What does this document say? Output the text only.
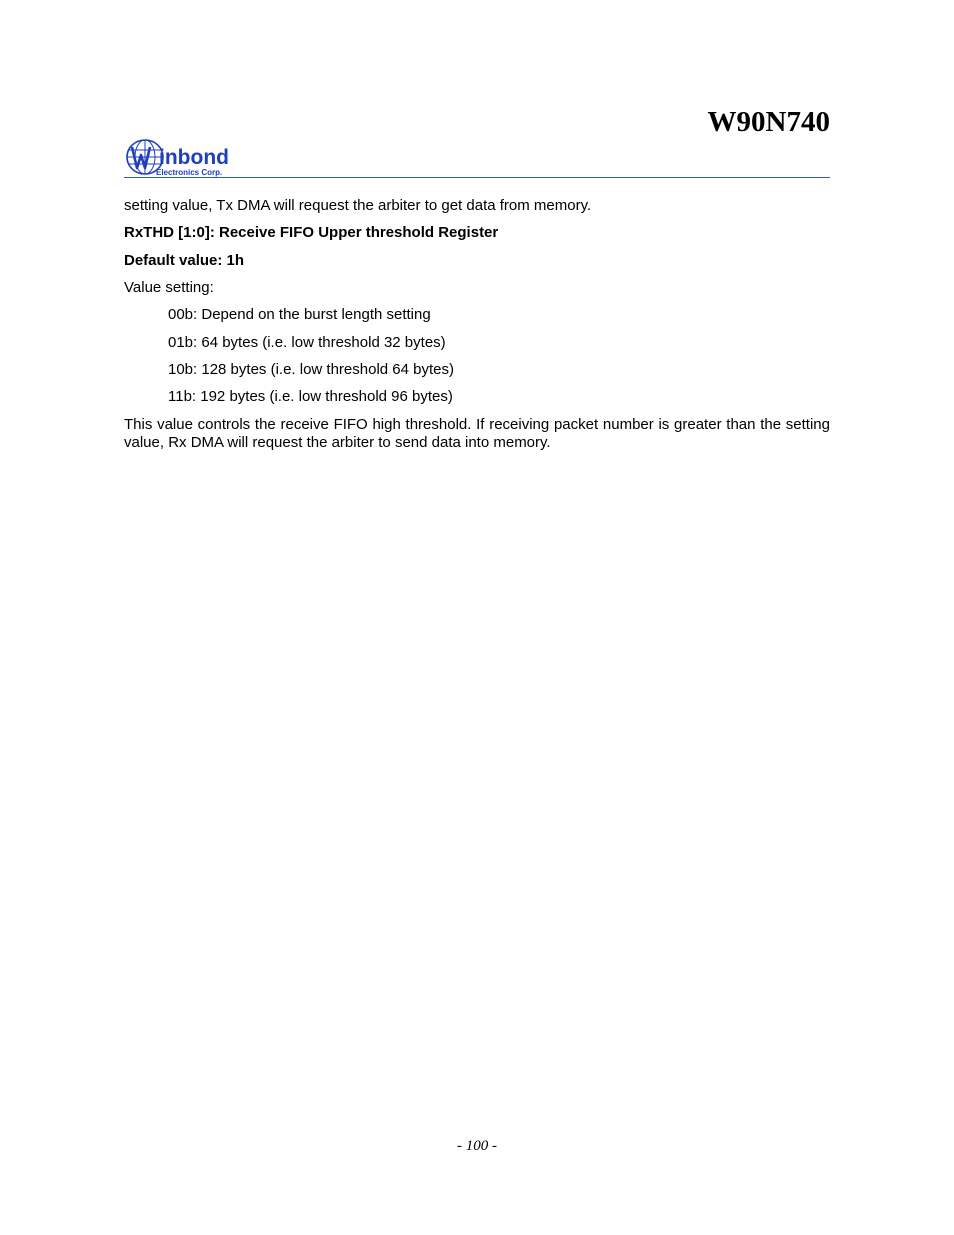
W90N740
inbond
Electronics Corp.

setting value, Tx DMA will request the arbiter to get data from memory.

RxTHD [1:0]: Receive FIFO Upper threshold Register

Default value: 1h

Value setting:

00b: Depend on the burst length setting

01b: 64 bytes (i.e. low threshold 32 bytes)

10b: 128 bytes (i.e. low threshold 64 bytes)

11b: 192 bytes (i.e. low threshold 96 bytes)

This value controls the receive FIFO high threshold. If receiving packet number is greater than the setting value, Rx DMA will request the arbiter to send data into memory.

- 100 -
